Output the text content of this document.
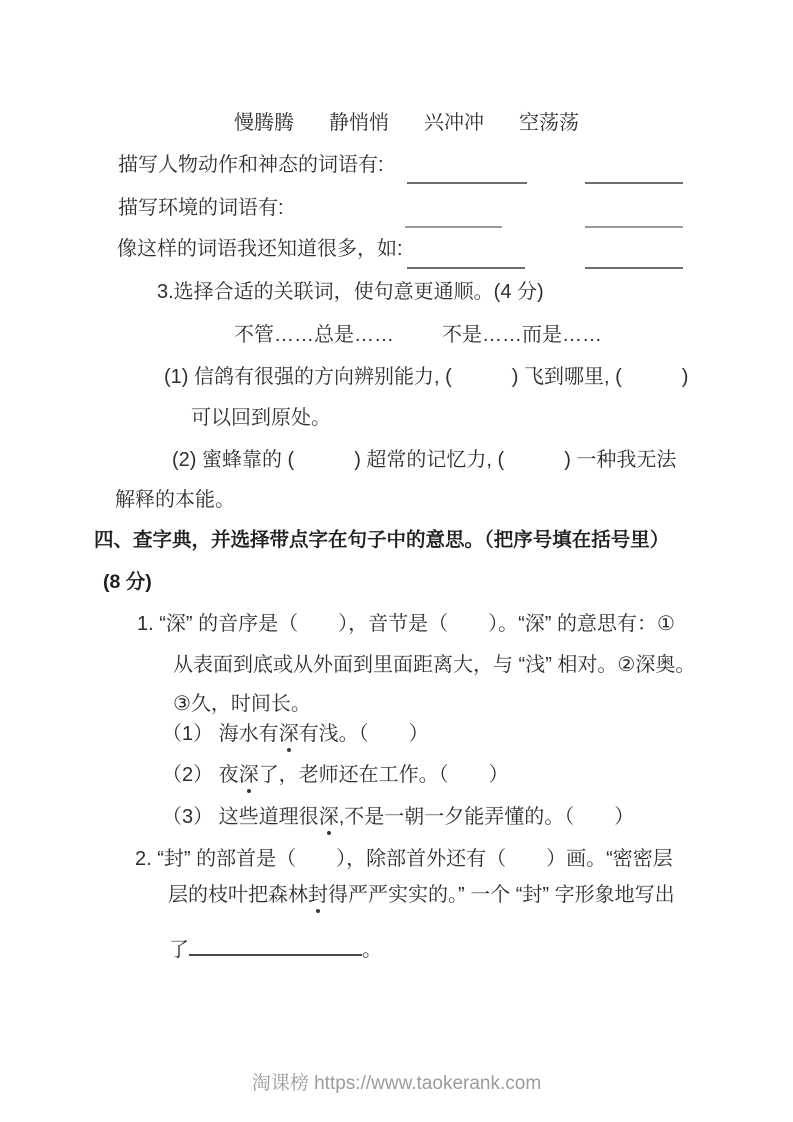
慢腾腾 静悄悄 兴冲冲 空荡荡
描写人物动作和神态的词语有:
描写环境的词语有:
像这样的词语我还知道很多，如:
3.选择合适的关联词，使句意更通顺。(4 分)
不管……总是…… 不是……而是……
(1) 信鸽有很强的方向辨别能力, (　　　) 飞到哪里, (　　　)
可以回到原处。
(2) 蜜蜂靠的 (　　　) 超常的记忆力, (　　　) 一种我无法
解释的本能。
四、查字典，并选择带点字在句子中的意思。（把序号填在括号里）
(8 分)
1. “深” 的音序是（　　），音节是（　　）。“深” 的意思有：①
从表面到底或从外面到里面距离大，与 “浅” 相对。②深奥。
③久，时间长。
（1） 海水有深有浅。（　　）
（2） 夜深了，老师还在工作。（　　）
（3） 这些道理很深,不是一朝一夕能弄懂的。（　　）
2. “封” 的部首是（　　），除部首外还有（　　）画。“密密层
层的枝叶把森林封得严严实实的。” 一个 “封” 字形象地写出
了	。
淘课榜 https://www.taokerank.com
